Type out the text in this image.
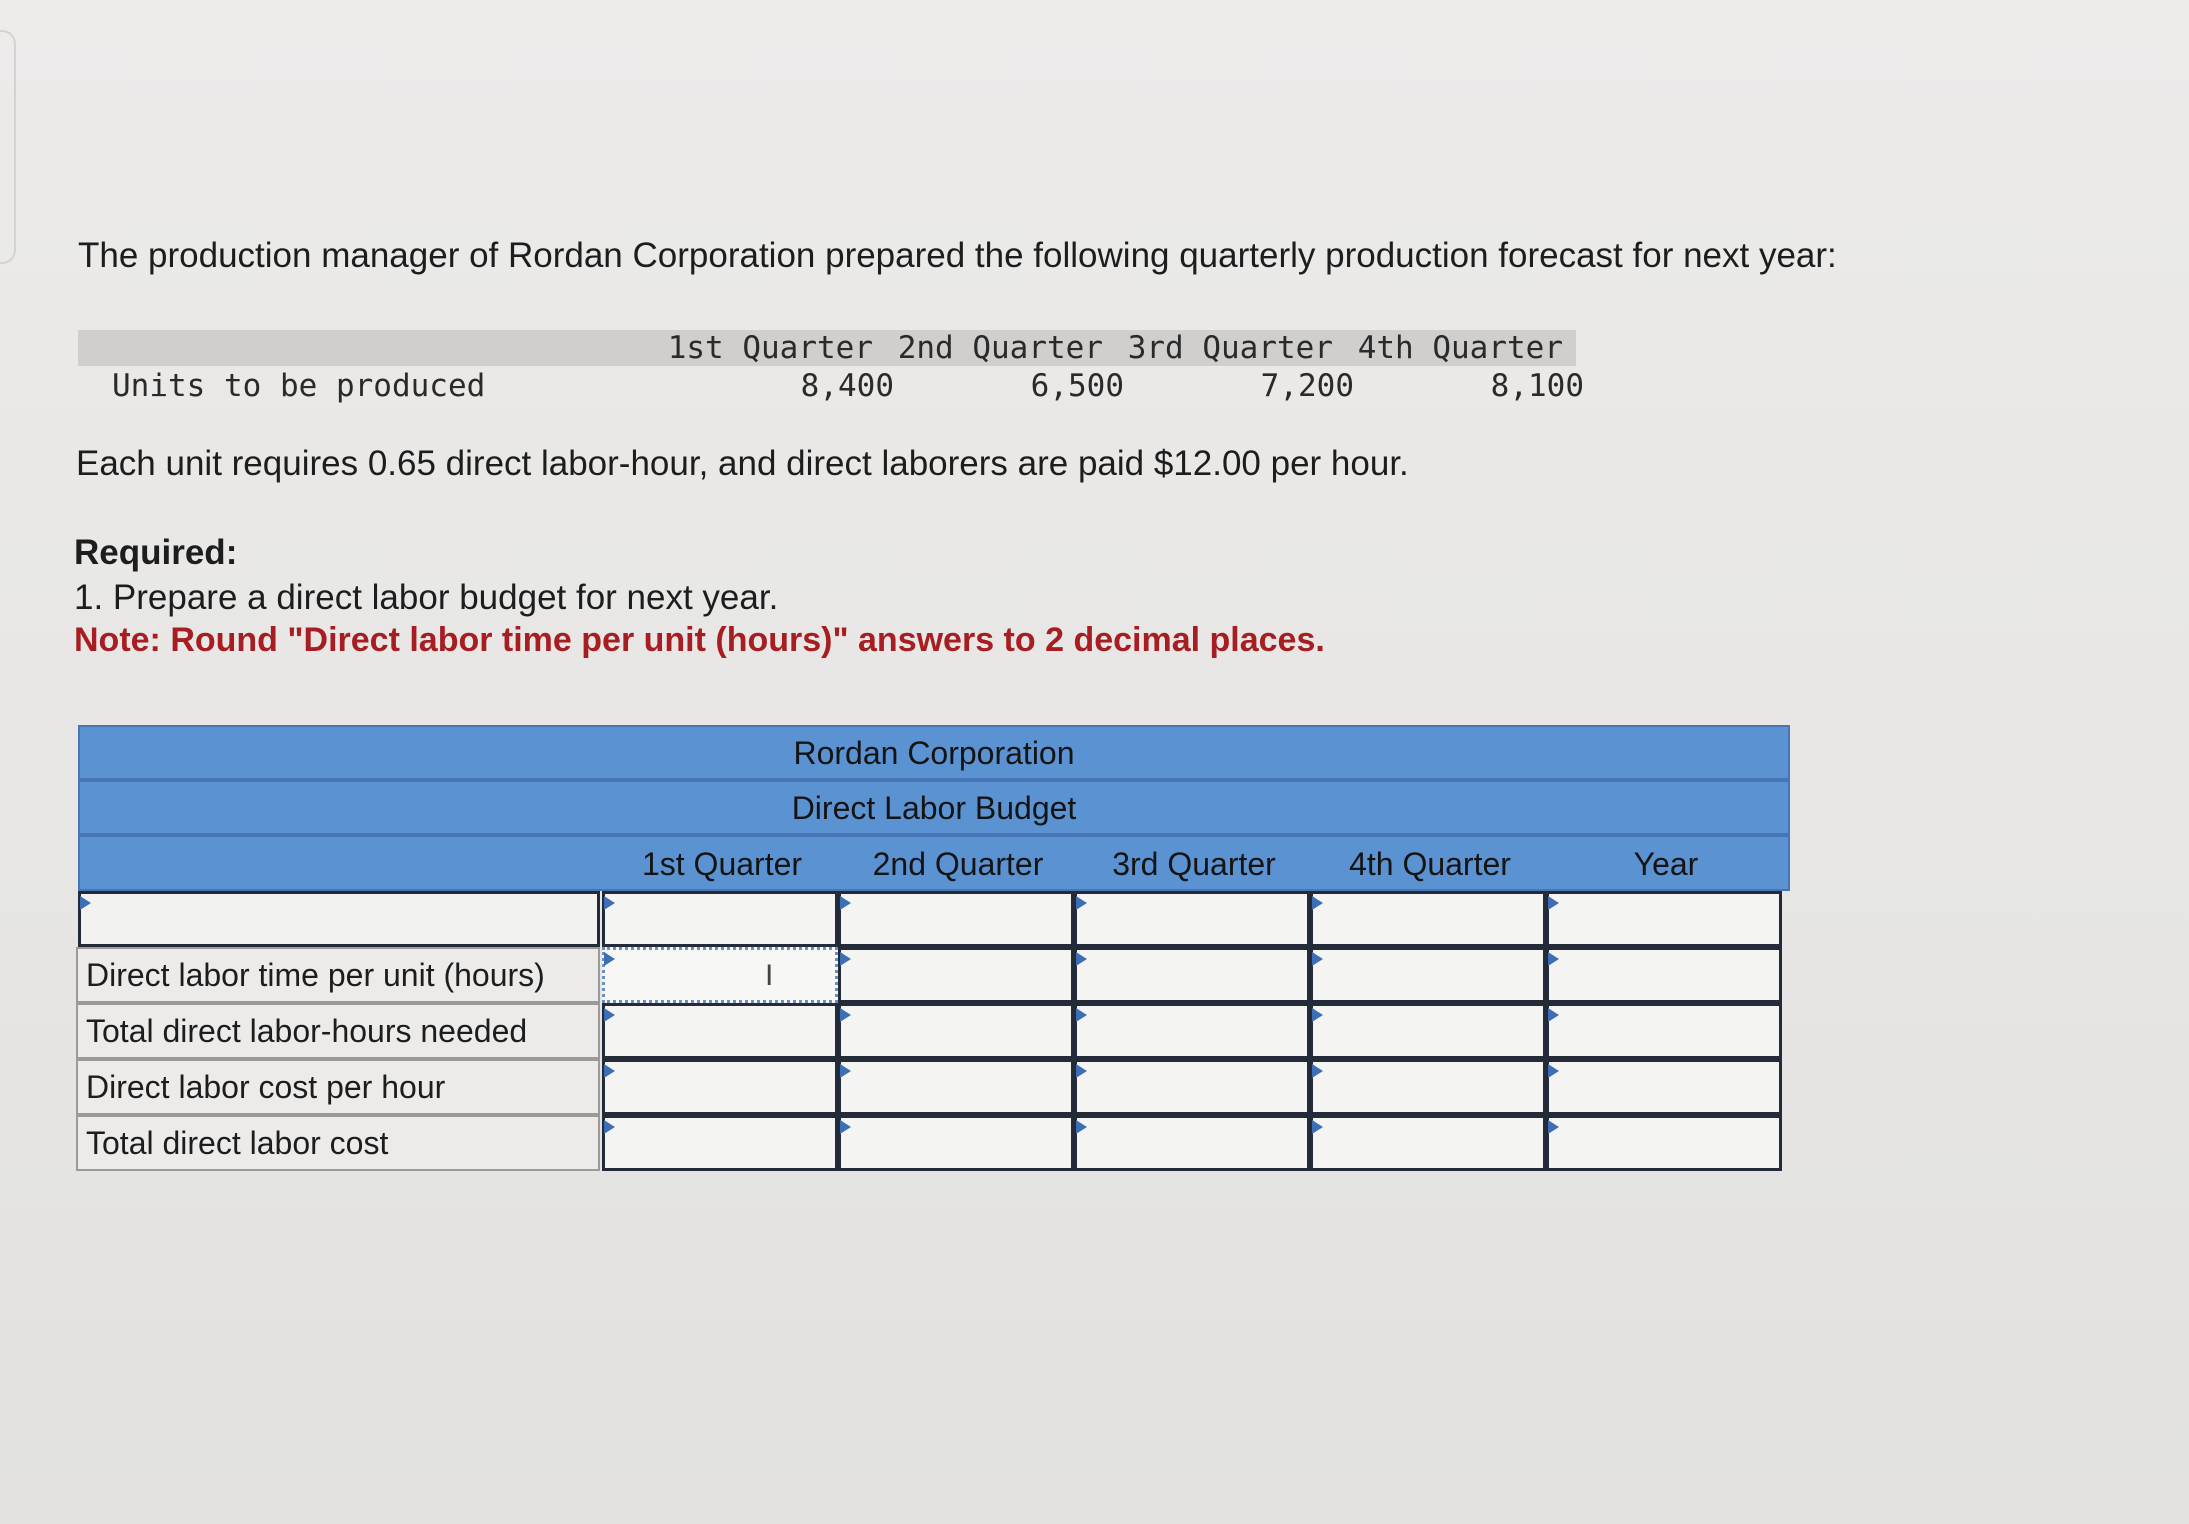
The production manager of Rordan Corporation prepared the following quarterly production forecast for next year:
1st Quarter 2nd Quarter 3rd Quarter 4th Quarter
Units to be produced	8,400	6,500	7,200	8,100
Each unit requires 0.65 direct labor-hour, and direct laborers are paid $12.00 per hour.
Required:
1. Prepare a direct labor budget for next year.
Note: Round "Direct labor time per unit (hours)" answers to 2 decimal places.
Rordan Corporation
Direct Labor Budget
1st Quarter	2nd Quarter	3rd Quarter	4th Quarter	Year
Direct labor time per unit (hours)	I
Total direct labor-hours needed
Direct labor cost per hour
Total direct labor cost
